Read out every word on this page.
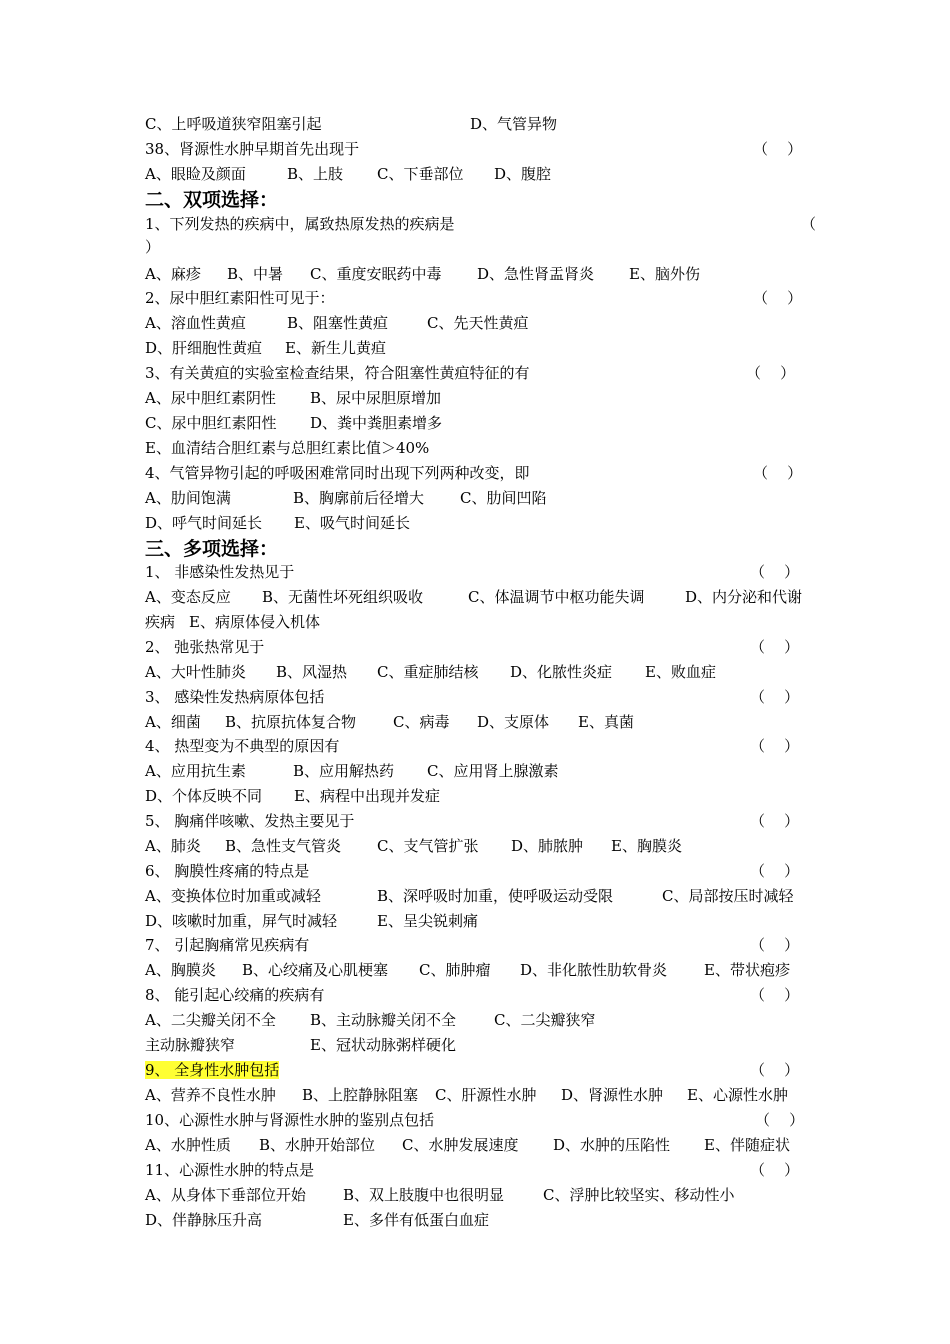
C、上呼吸道狭窄阻塞引起	D、气管异物
38、肾源性水肿早期首先出现于	（    ）
A、眼睑及颜面	B、上肢 C、下垂部位 D、腹腔
二、双项选择：
1、下列发热的疾病中，属致热原发热的疾病是	（
）
A、麻疹 B、中暑 C、重度安眠药中毒 D、急性肾盂肾炎 E、脑外伤
2、尿中胆红素阳性可见于：	（    ）
A、溶血性黄疸	B、阻塞性黄疸	C、先天性黄疸
D、肝细胞性黄疸 E、新生儿黄疸
3、有关黄疸的实验室检查结果，符合阻塞性黄疸特征的有	（    ）
A、尿中胆红素阴性 B、尿中尿胆原增加
C、尿中胆红素阳性 D、粪中粪胆素增多
E、血清结合胆红素与总胆红素比值＞40%
4、气管异物引起的呼吸困难常同时出现下列两种改变，即	（    ）
A、肋间饱满	B、胸廓前后径增大 C、肋间凹陷
D、呼气时间延长 E、吸气时间延长
三、多项选择：
1、 非感染性发热见于	（    ）
A、变态反应 B、无菌性坏死组织吸收	C、体温调节中枢功能失调	D、内分泌和代谢
疾病 E、病原体侵入机体
2、 弛张热常见于	（    ）
A、大叶性肺炎 B、风湿热 C、重症肺结核 D、化脓性炎症 E、败血症
3、 感染性发热病原体包括	（    ）
A、细菌 B、抗原抗体复合物 C、病毒 D、支原体 E、真菌
4、 热型变为不典型的原因有	（    ）
A、应用抗生素	B、应用解热药 C、应用肾上腺激素
D、个体反映不同 E、病程中出现并发症
5、 胸痛伴咳嗽、发热主要见于	（    ）
A、肺炎 B、急性支气管炎 C、支气管扩张 D、肺脓肿 E、胸膜炎
6、 胸膜性疼痛的特点是	（    ）
A、变换体位时加重或减轻	B、深呼吸时加重，使呼吸运动受限	C、局部按压时减轻
D、咳嗽时加重，屏气时减轻	E、呈尖锐刺痛
7、 引起胸痛常见疾病有	（    ）
A、胸膜炎 B、心绞痛及心肌梗塞 C、肺肿瘤 D、非化脓性肋软骨炎 E、带状疱疹
8、 能引起心绞痛的疾病有	（    ）
A、二尖瓣关闭不全 B、主动脉瓣关闭不全	C、二尖瓣狭窄
主动脉瓣狭窄	E、冠状动脉粥样硬化
9、 全身性水肿包括	（    ）
A、营养不良性水肿 B、上腔静脉阻塞 C、肝源性水肿 D、肾源性水肿 E、心源性水肿
10、心源性水肿与肾源性水肿的鉴别点包括	（    ）
A、水肿性质 B、水肿开始部位 C、水肿发展速度 D、水肿的压陷性 E、伴随症状
11、心源性水肿的特点是	（    ）
A、从身体下垂部位开始 B、双上肢腹中也很明显	C、浮肿比较坚实、移动性小
D、伴静脉压升高	E、多伴有低蛋白血症
